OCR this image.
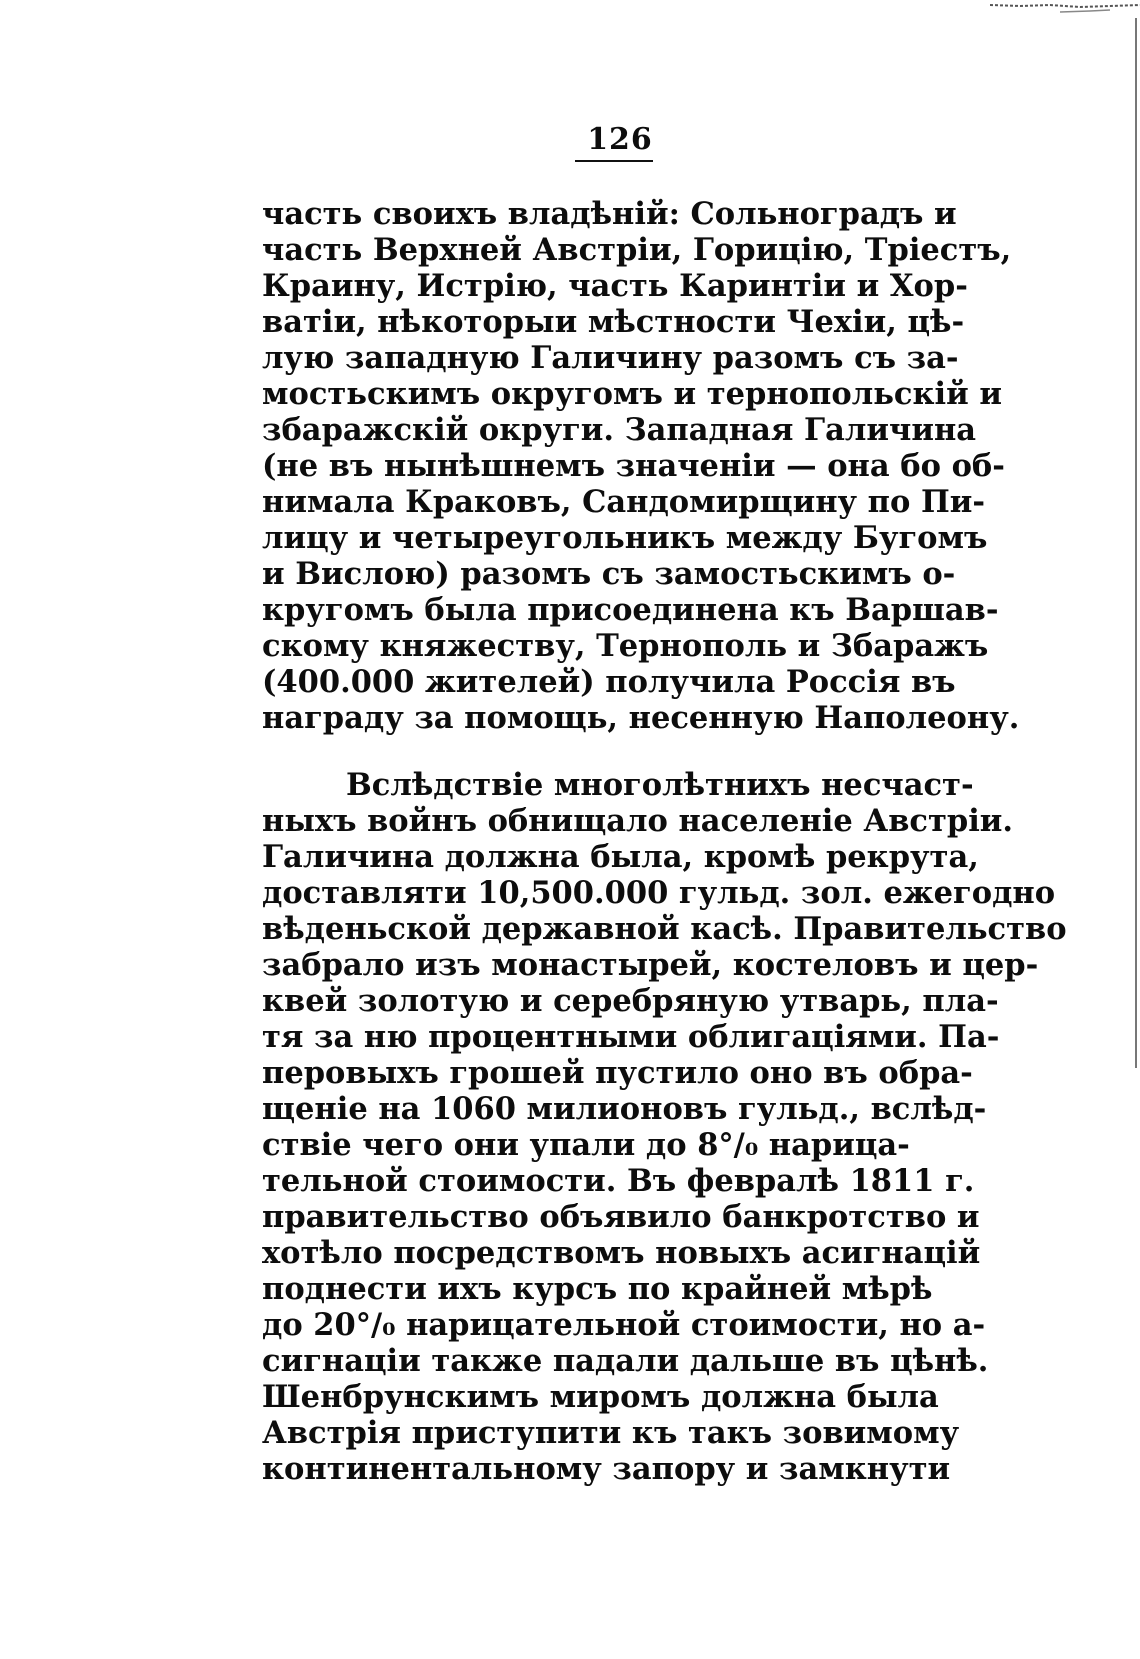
126
часть своихъ владѣній: Сольноградъ и
часть Верхней Австріи, Горицію, Тріестъ,
Краину, Истрію, часть Каринтіи и Хор-
ватіи, нѣкоторыи мѣстности Чехіи, цѣ-
лую западную Галичину разомъ съ за-
мостьскимъ округомъ и тернопольскій и
збаражскій округи. Западная Галичина
(не въ нынѣшнемъ значеніи — она бо об-
нимала Краковъ, Сандомирщину по Пи-
лицу и четыреугольникъ между Бугомъ
и Вислою) разомъ съ замостьскимъ о-
кругомъ была присоединена къ Варшав-
скому княжеству, Тернополь и Збаражъ
(400.000 жителей) получила Россія въ
награду за помощь, несенную Наполеону.
Вслѣдствіе многолѣтнихъ несчаст-
ныхъ войнъ обнищало населеніе Австріи.
Галичина должна была, кромѣ рекрута,
доставляти 10,500.000 гульд. зол. ежегодно
вѣденьской державной касѣ. Правительство
забрало изъ монастырей, костеловъ и цер-
квей золотую и серебряную утварь, пла-
тя за ню процентными облигаціями. Па-
перовыхъ грошей пустило оно въ обра-
щеніе на 1060 милионовъ гульд., вслѣд-
ствіе чего они упали до 8°/₀ нарица-
тельной стоимости. Въ февралѣ 1811 г.
правительство объявило банкротство и
хотѣло посредствомъ новыхъ асигнацій
поднести ихъ курсъ по крайней мѣрѣ
до 20°/₀ нарицательной стоимости, но а-
сигнаціи также падали дальше въ цѣнѣ.
Шенбрунскимъ миромъ должна была
Австрія приступити къ такъ зовимому
континентальному запору и замкнути
